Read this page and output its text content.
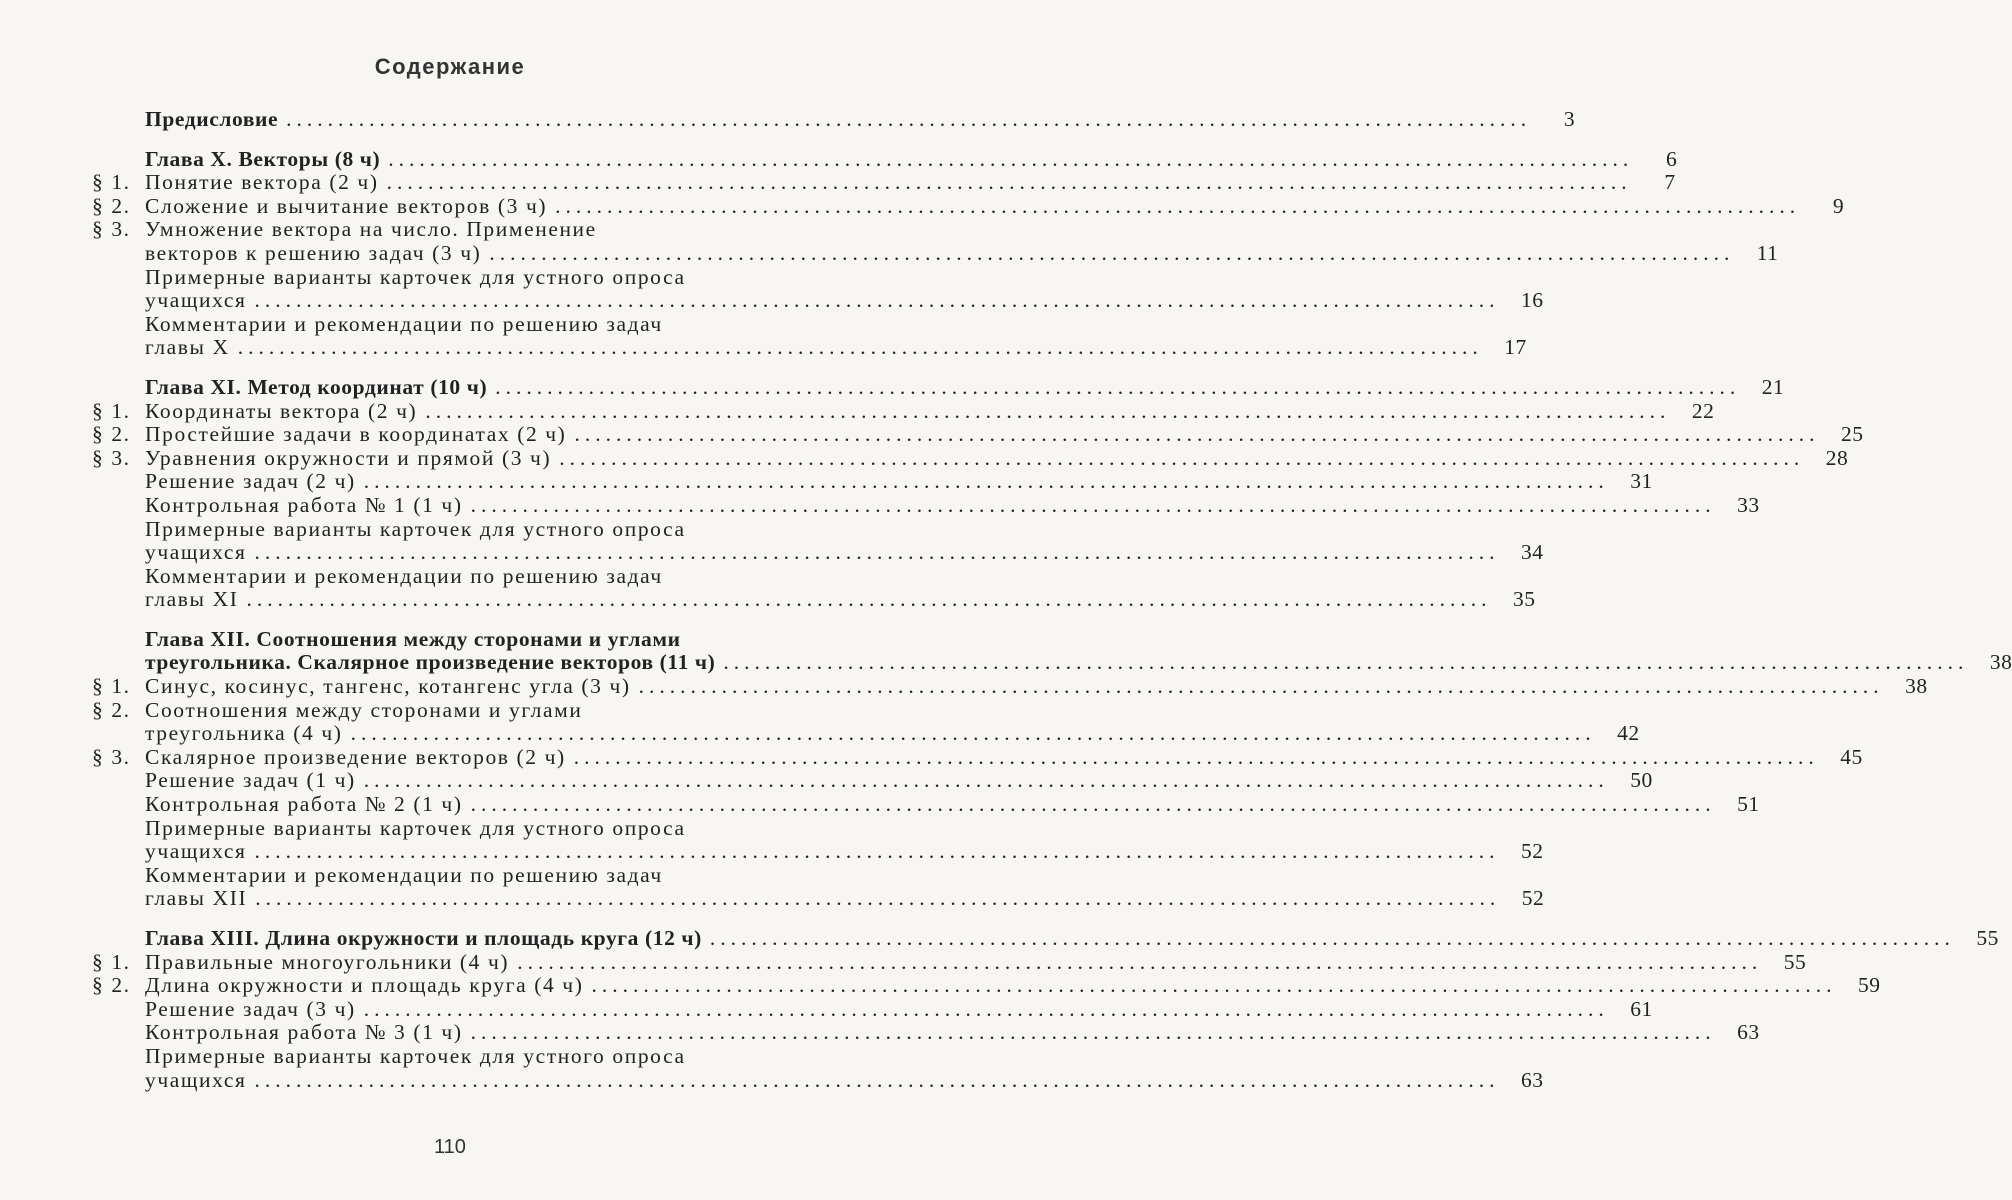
Содержание
Предисловие ........................................................................................................................	3
Глава X. Векторы (8 ч) ........................................................................................................................	6
§ 1. Понятие вектора (2 ч) ........................................................................................................................	7
§ 2. Сложение и вычитание векторов (3 ч) ........................................................................................................................	9
§ 3. Умножение вектора на число. Применение
векторов к решению задач (3 ч) ........................................................................................................................	11
Примерные варианты карточек для устного опроса
учащихся ........................................................................................................................	16
Комментарии и рекомендации по решению задач
главы X ........................................................................................................................	17
Глава XI. Метод координат (10 ч) ........................................................................................................................	21
§ 1. Координаты вектора (2 ч) ........................................................................................................................	22
§ 2. Простейшие задачи в координатах (2 ч) ........................................................................................................................	25
§ 3. Уравнения окружности и прямой (3 ч) ........................................................................................................................	28
Решение задач (2 ч) ........................................................................................................................	31
Контрольная работа № 1 (1 ч) ........................................................................................................................	33
Примерные варианты карточек для устного опроса
учащихся ........................................................................................................................	34
Комментарии и рекомендации по решению задач
главы XI ........................................................................................................................	35
Глава XII. Соотношения между сторонами и углами
треугольника. Скалярное произведение векторов (11 ч) ........................................................................................................................	38
§ 1. Синус, косинус, тангенс, котангенс угла (3 ч) ........................................................................................................................	38
§ 2. Соотношения между сторонами и углами
треугольника (4 ч) ........................................................................................................................	42
§ 3. Скалярное произведение векторов (2 ч) ........................................................................................................................	45
Решение задач (1 ч) ........................................................................................................................	50
Контрольная работа № 2 (1 ч) ........................................................................................................................	51
Примерные варианты карточек для устного опроса
учащихся ........................................................................................................................	52
Комментарии и рекомендации по решению задач
главы XII ........................................................................................................................	52
Глава XIII. Длина окружности и площадь круга (12 ч) ........................................................................................................................	55
§ 1. Правильные многоугольники (4 ч) ........................................................................................................................	55
§ 2. Длина окружности и площадь круга (4 ч) ........................................................................................................................	59
Решение задач (3 ч) ........................................................................................................................	61
Контрольная работа № 3 (1 ч) ........................................................................................................................	63
Примерные варианты карточек для устного опроса
учащихся ........................................................................................................................	63
110
